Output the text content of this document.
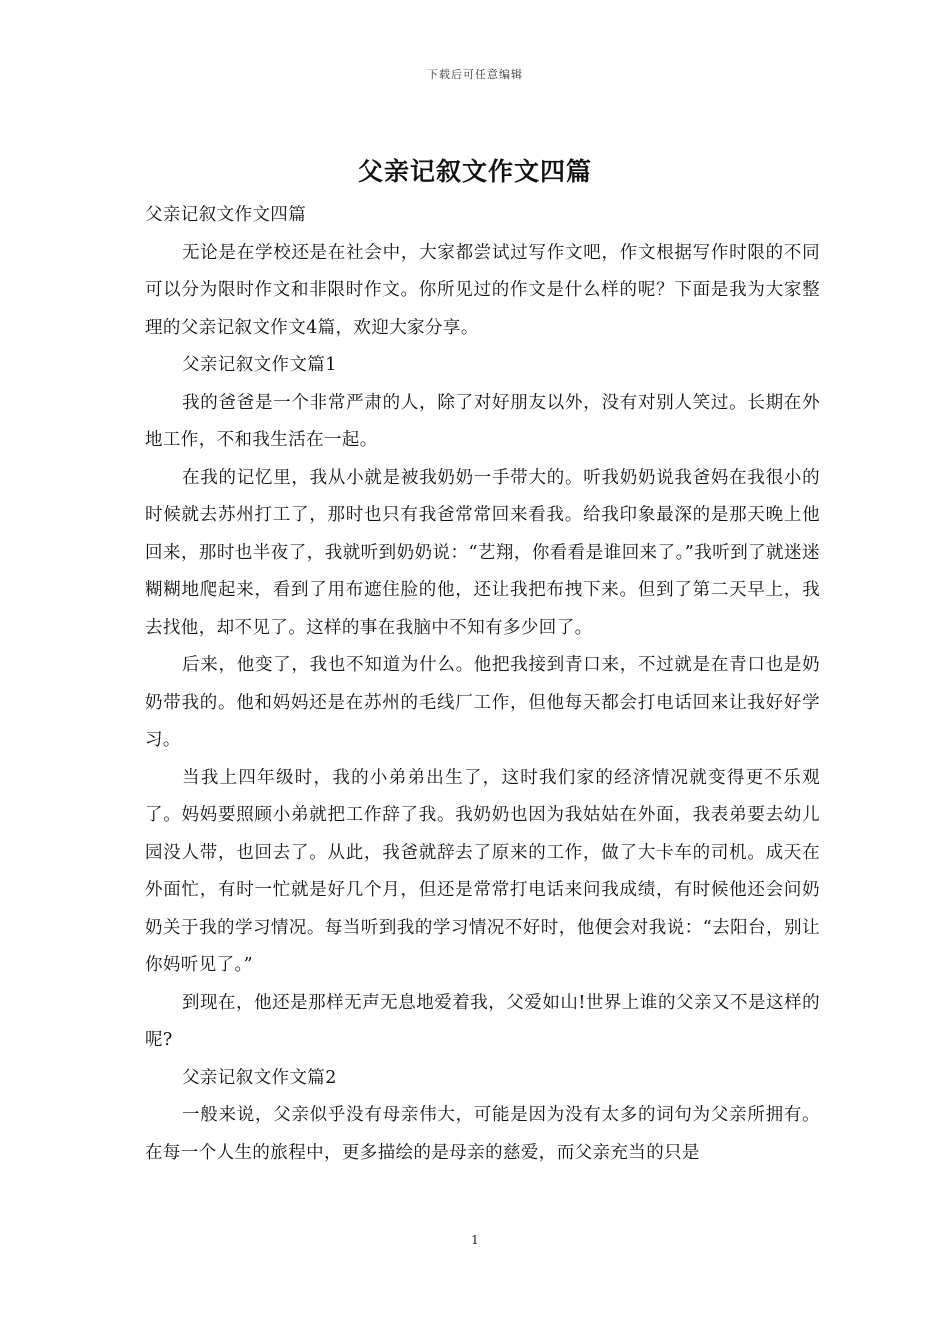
下载后可任意编辑
父亲记叙文作文四篇

父亲记叙文作文四篇

无论是在学校还是在社会中，大家都尝试过写作文吧，作文根据写作时限的不同可以分为限时作文和非限时作文。你所见过的作文是什么样的呢？下面是我为大家整理的父亲记叙文作文4篇，欢迎大家分享。

父亲记叙文作文篇1

我的爸爸是一个非常严肃的人，除了对好朋友以外，没有对别人笑过。长期在外地工作，不和我生活在一起。

在我的记忆里，我从小就是被我奶奶一手带大的。听我奶奶说我爸妈在我很小的时候就去苏州打工了，那时也只有我爸常常回来看我。给我印象最深的是那天晚上他回来，那时也半夜了，我就听到奶奶说：“艺翔，你看看是谁回来了。”我听到了就迷迷糊糊地爬起来，看到了用布遮住脸的他，还让我把布拽下来。但到了第二天早上，我去找他，却不见了。这样的事在我脑中不知有多少回了。

后来，他变了，我也不知道为什么。他把我接到青口来，不过就是在青口也是奶奶带我的。他和妈妈还是在苏州的毛线厂工作，但他每天都会打电话回来让我好好学习。

当我上四年级时，我的小弟弟出生了，这时我们家的经济情况就变得更不乐观了。妈妈要照顾小弟就把工作辞了我。我奶奶也因为我姑姑在外面，我表弟要去幼儿园没人带，也回去了。从此，我爸就辞去了原来的工作，做了大卡车的司机。成天在外面忙，有时一忙就是好几个月，但还是常常打电话来问我成绩，有时候他还会问奶奶关于我的学习情况。每当听到我的学习情况不好时，他便会对我说：“去阳台，别让你妈听见了。”

到现在，他还是那样无声无息地爱着我，父爱如山!世界上谁的父亲又不是这样的呢?

父亲记叙文作文篇2

一般来说，父亲似乎没有母亲伟大，可能是因为没有太多的词句为父亲所拥有。在每一个人生的旅程中，更多描绘的是母亲的慈爱，而父亲充当的只是

1
